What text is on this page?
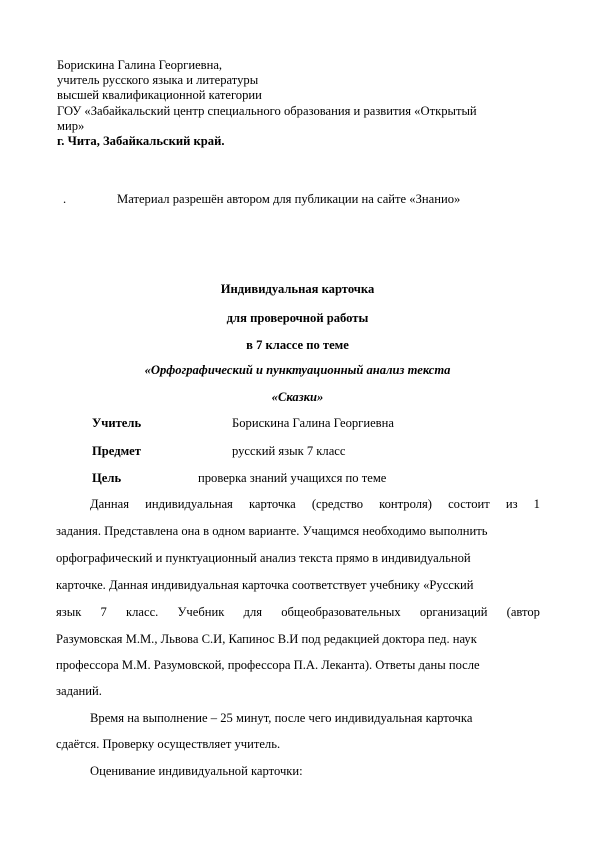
Борискина Галина Георгиевна,
учитель русского языка и литературы
высшей квалификационной категории
ГОУ «Забайкальский центр специального образования и развития «Открытый
мир»
г. Чита, Забайкальский край.
.	Материал разрешён автором для публикации на сайте «Знанио»
Индивидуальная карточка
для проверочной работы
в 7 классе по теме
«Орфографический и пунктуационный анализ текста
«Сказки»
Учитель	Борискина Галина Георгиевна
Предмет	русский язык 7 класс
Цель	проверка знаний учащихся по теме
Данная индивидуальная карточка (средство контроля) состоит из 1
задания. Представлена она в одном варианте. Учащимся необходимо выполнить
орфографический и пунктуационный анализ текста прямо в индивидуальной
карточке. Данная индивидуальная карточка соответствует учебнику «Русский
язык 7 класс. Учебник для общеобразовательных организаций (автор
Разумовская М.М., Львова С.И, Капинос В.И под редакцией доктора пед. наук
профессора М.М. Разумовской, профессора П.А. Леканта). Ответы даны после
заданий.
Время на выполнение – 25 минут, после чего индивидуальная карточка
сдаётся. Проверку осуществляет учитель.
Оценивание индивидуальной карточки:
